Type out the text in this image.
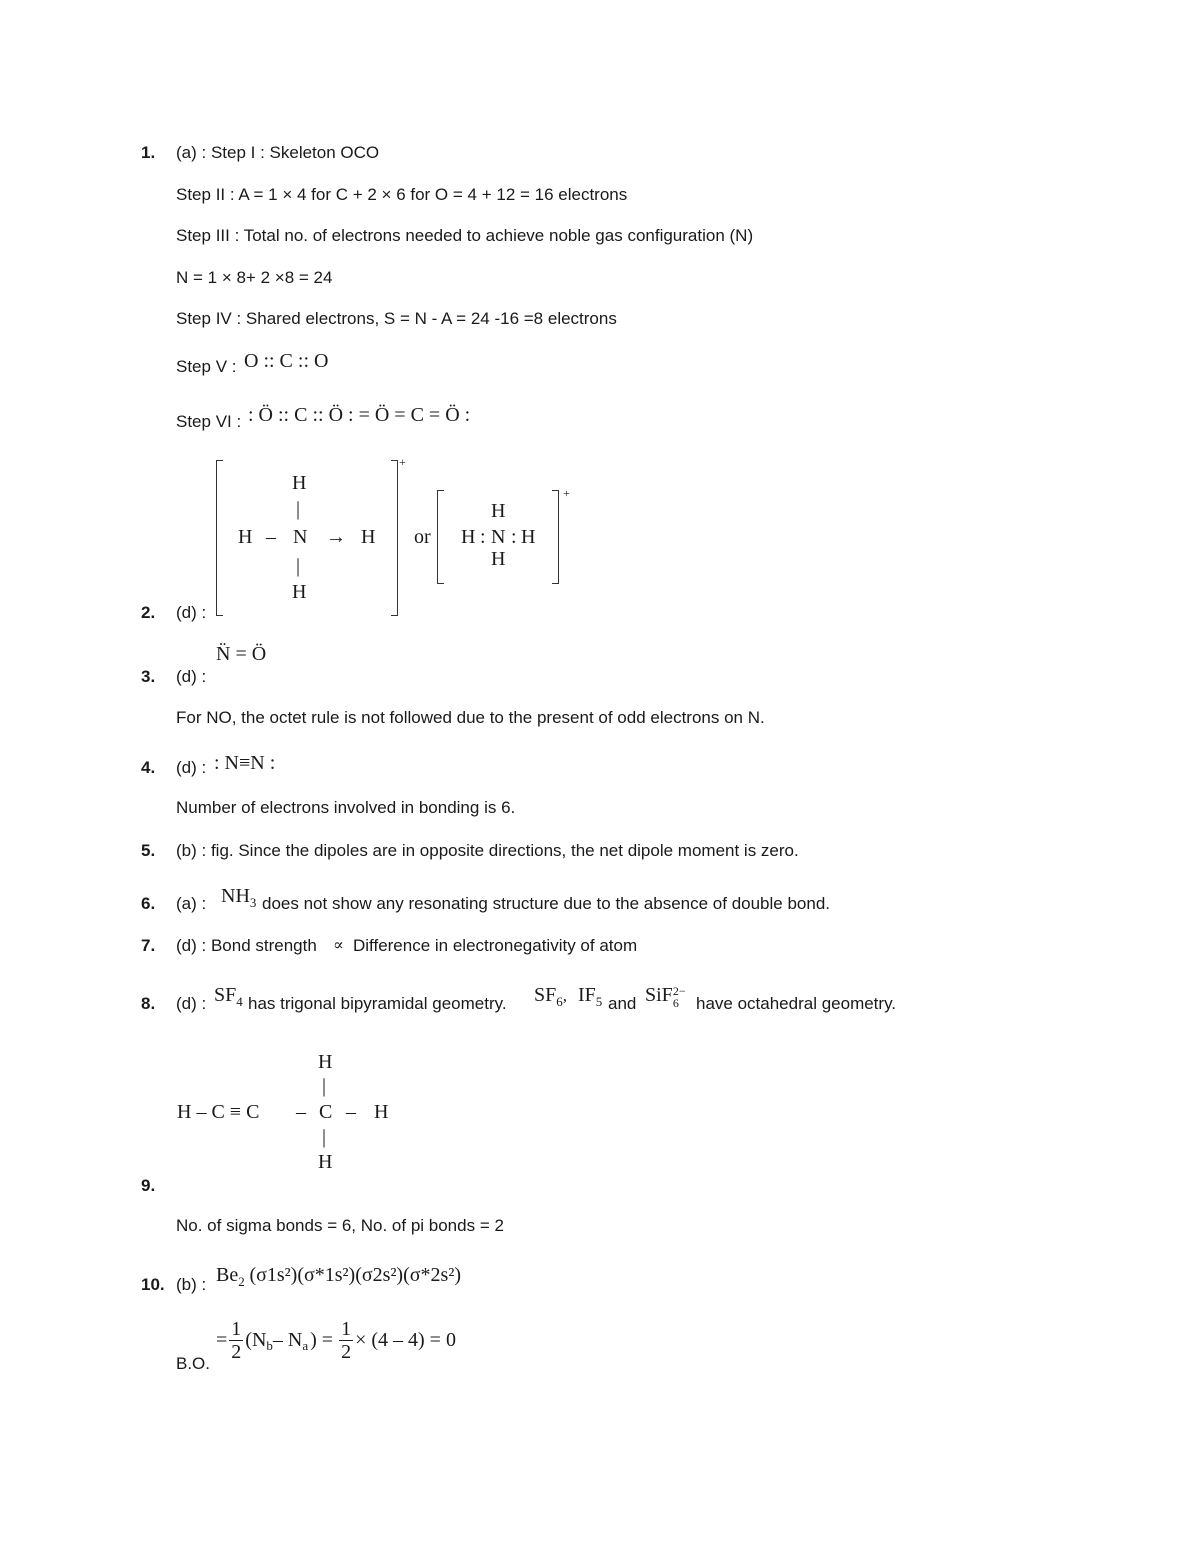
1. (a) : Step I : Skeleton OCO
Step II : A = 1 × 4 for C + 2 × 6 for O = 4 + 12 = 16 electrons
Step III : Total no. of electrons needed to achieve noble gas configuration (N)
N = 1 × 8+ 2 ×8 = 24
Step IV : Shared electrons, S = N - A = 24 -16 =8 electrons
Step V : O :: C :: O
Step VI : : Ö :: C :: Ö : = Ö = C = Ö :
+
H
|
H – N → H
|
H
or
+
H
H : N : H
H
2. (d) :
N̈ = Ö
3. (d) :
For NO, the octet rule is not followed due to the present of odd electrons on N.
4. (d) : : N≡N :
Number of electrons involved in bonding is 6.
5. (b) : fig. Since the dipoles are in opposite directions, the net dipole moment is zero.
6. (a) : $NH_3$ does not show any resonating structure due to the absence of double bond.
7. (d) : Bond strength ∝ Difference in electronegativity of atom
8. (d) : $SF_4$ has trigonal bipyramidal geometry. $SF_6$, $IF_5$ and SiF 2−
6	have octahedral geometry.
H
|
H – C ≡ C – C – H
|
H
9.
No. of sigma bonds = 6, No. of pi bonds = 2
10. (b) : $Be_2$ (σ1s²)(σ*1s²)(σ2s²)(σ*2s²)
B.O.
= $\frac{1}{2} (N$ b – N a ) = $\frac{1}{2} \times (4 - 4) = 0$
